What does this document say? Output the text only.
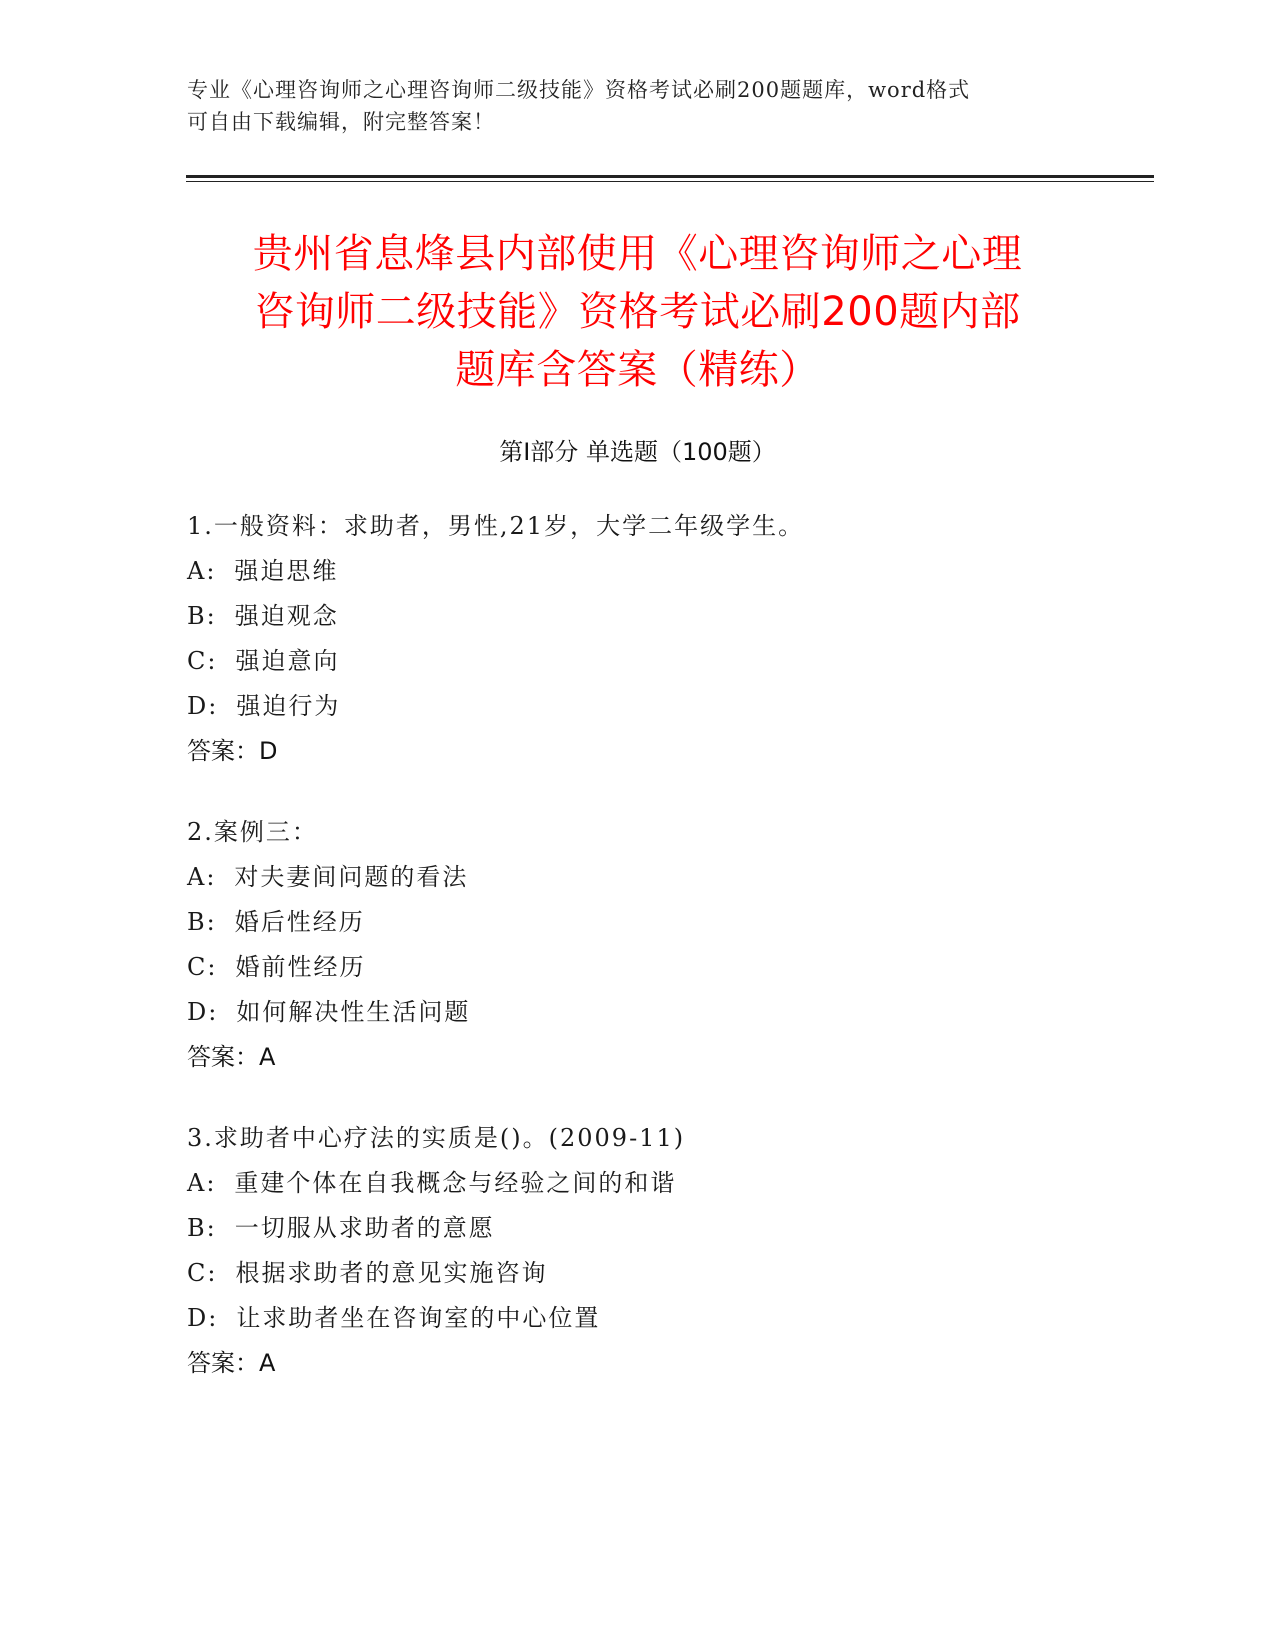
专业《心理咨询师之心理咨询师二级技能》资格考试必刷200题题库，word格式
可自由下载编辑，附完整答案！
贵州省息烽县内部使用《心理咨询师之心理
咨询师二级技能》资格考试必刷200题内部
题库含答案（精练）
第Ⅰ部分 单选题（100题）
1.一般资料：求助者，男性,21岁，大学二年级学生。
A: 强迫思维
B: 强迫观念
C: 强迫意向
D: 强迫行为
答案：D
2.案例三：
A: 对夫妻间问题的看法
B: 婚后性经历
C: 婚前性经历
D: 如何解决性生活问题
答案：A
3.求助者中心疗法的实质是()。(2009-11)
A: 重建个体在自我概念与经验之间的和谐
B: 一切服从求助者的意愿
C: 根据求助者的意见实施咨询
D: 让求助者坐在咨询室的中心位置
答案：A
